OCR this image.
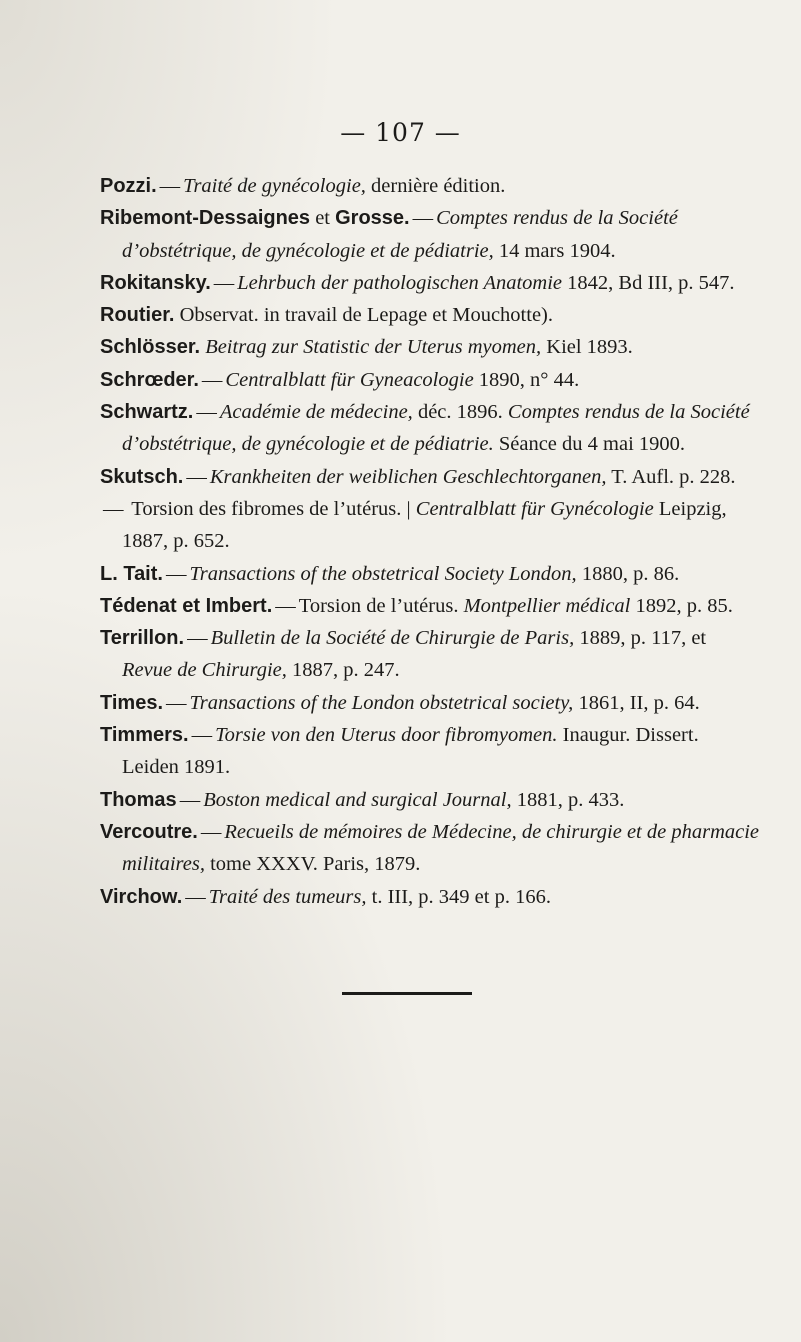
— 107 —

Pozzi. — Traité de gynécologie, dernière édition.

Ribemont-Dessaignes et Grosse. — Comptes rendus de la Société d’obstétrique, de gynécologie et de pédiatrie, 14 mars 1904.

Rokitansky. — Lehrbuch der pathologischen Anatomie 1842, Bd III, p. 547.

Routier. Observat. in travail de Lepage et Mouchotte).

Schlösser. Beitrag zur Statistic der Uterus myomen, Kiel 1893.

Schrœder. — Centralblatt für Gyneacologie 1890, n° 44.

Schwartz. — Académie de médecine, déc. 1896. Comptes rendus de la Société d’obstétrique, de gynécologie et de pédiatrie. Séance du 4 mai 1900.

Skutsch. — Krankheiten der weiblichen Geschlechtorganen, T. Aufl. p. 228.

— Torsion des fibromes de l’utérus. | Centralblatt für Gynécologie Leipzig, 1887, p. 652.

L. Tait. — Transactions of the obstetrical Society London, 1880, p. 86.

Tédenat et Imbert. — Torsion de l’utérus. Montpellier médical 1892, p. 85.

Terrillon. — Bulletin de la Société de Chirurgie de Paris, 1889, p. 117, et Revue de Chirurgie, 1887, p. 247.

Times. — Transactions of the London obstetrical society, 1861, II, p. 64.

Timmers. — Torsie von den Uterus door fibromyomen. Inaugur. Dissert. Leiden 1891.

Thomas — Boston medical and surgical Journal, 1881, p. 433.

Vercoutre. — Recueils de mémoires de Médecine, de chirurgie et de pharmacie militaires, tome XXXV. Paris, 1879.

Virchow. — Traité des tumeurs, t. III, p. 349 et p. 166.
